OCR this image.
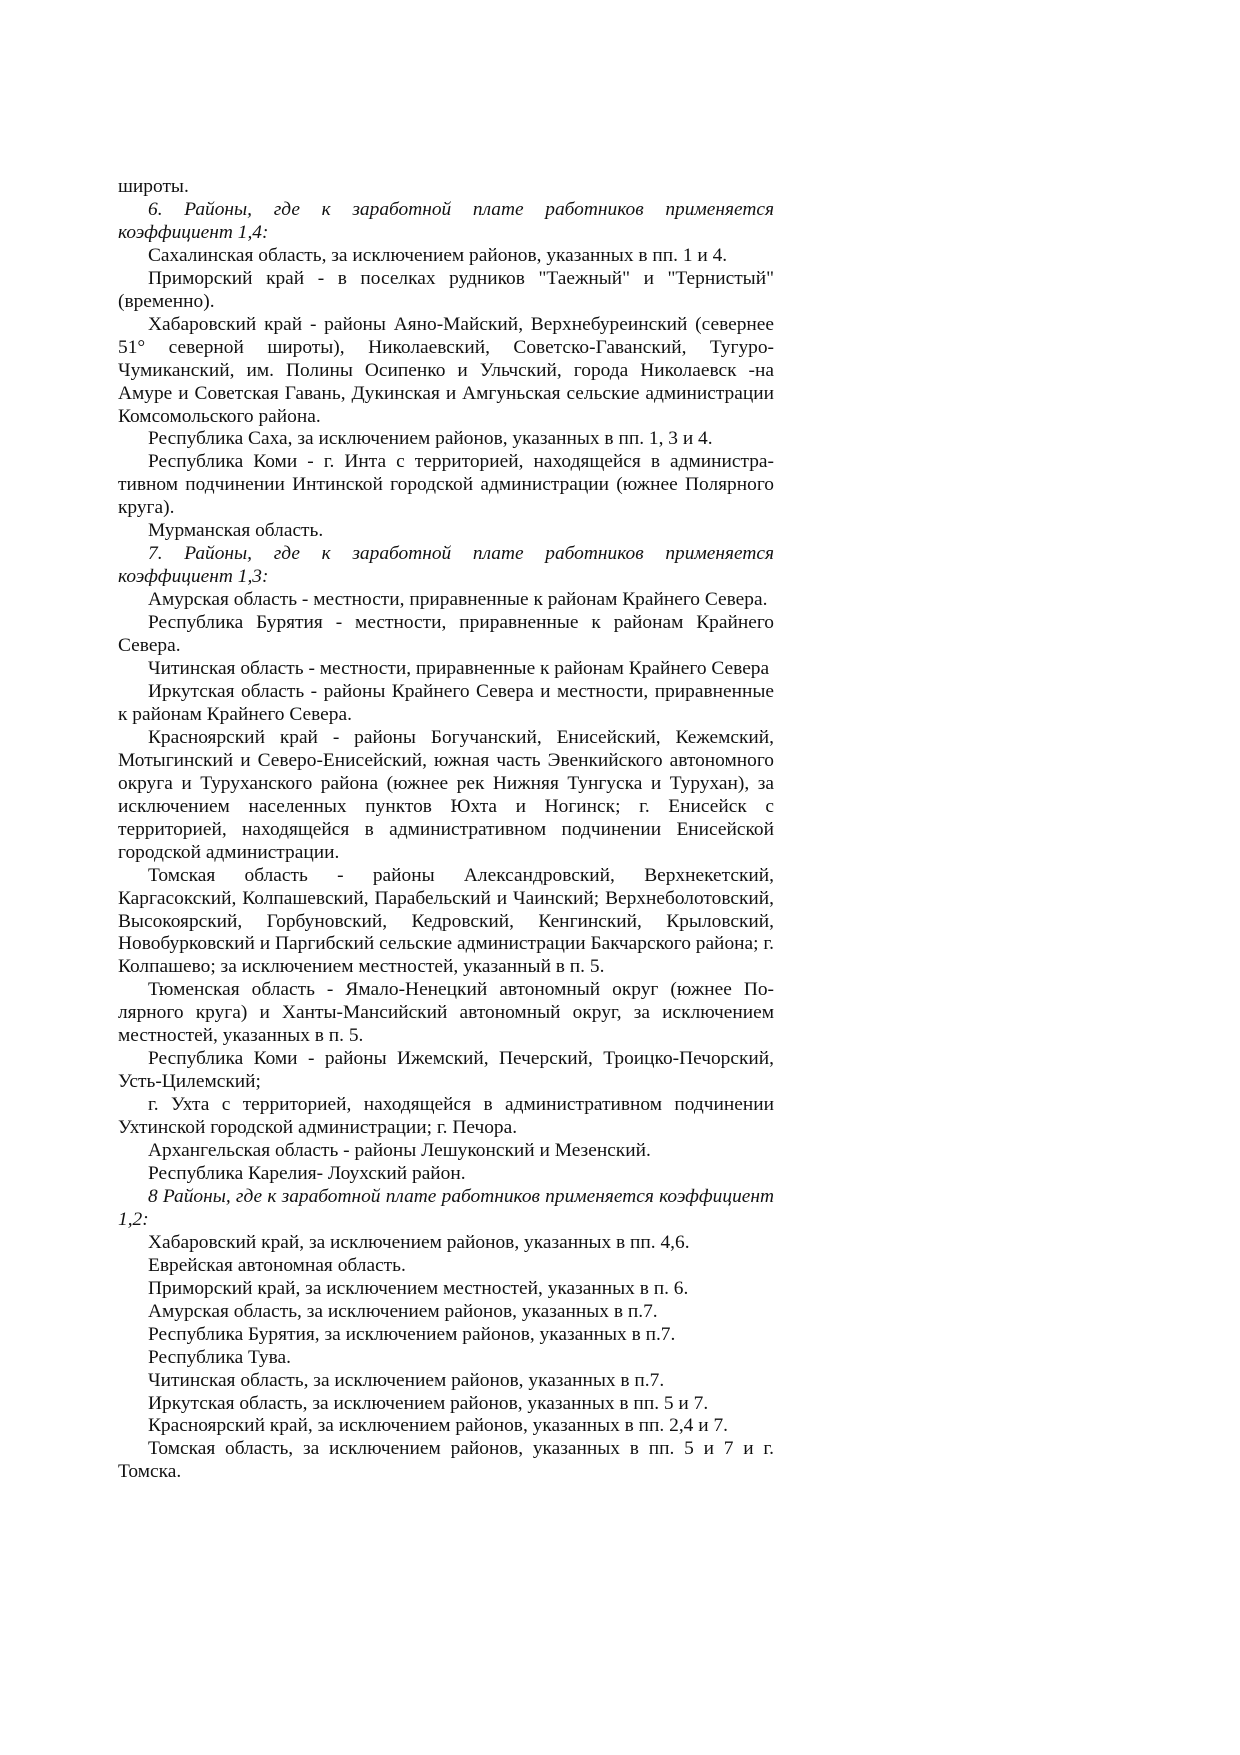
широты.

6. Районы, где к заработной плате работников применяется коэффициент 1,4:

Сахалинская область, за исключением районов, указанных в пп. 1 и 4.

Приморский край - в поселках рудников "Таежный" и "Тернистый" (временно).

Хабаровский край - районы Аяно-Майский, Верхнебуреинский (севернее 51° северной широты), Николаевский, Советско-Гаванский, Тугуро-Чумиканский, им. Полины Осипенко и Ульчский, города Николаевск -на Амуре и Советская Гавань, Дукинская и Амгуньская сельские администрации Комсомольского района.

Республика Саха, за исключением районов, указанных в пп. 1, 3 и 4.

Республика Коми - г. Инта с территорией, находящейся в администра-тивном подчинении Интинской городской администрации (южнее Полярного круга).

Мурманская область.

7. Районы, где к заработной плате работников применяется коэффициент 1,3:

Амурская область - местности, приравненные к районам Крайнего Севера.

Республика Бурятия - местности, приравненные к районам Крайнего Севера.

Читинская область - местности, приравненные к районам Крайнего Севера

Иркутская область - районы Крайнего Севера и местности, приравненные к районам Крайнего Севера.

Красноярский край - районы Богучанский, Енисейский, Кежемский, Мотыгинский и Северо-Енисейский, южная часть Эвенкийского автономного округа и Туруханского района (южнее рек Нижняя Тунгуска и Турухан), за исключением населенных пунктов Юхта и Ногинск; г. Енисейск с территорией, находящейся в административном подчинении Енисейской городской администрации.

Томская область - районы Александровский, Верхнекетский, Каргасокский, Колпашевский, Парабельский и Чаинский; Верхнеболотовский, Высокоярский, Горбуновский, Кедровский, Кенгинский, Крыловский, Новобурковский и Паргибский сельские администрации Бакчарского района; г. Колпашево; за исключением местностей, указанный в п. 5.

Тюменская область - Ямало-Ненецкий автономный округ (южнее По-лярного круга) и Ханты-Мансийский автономный округ, за исключением местностей, указанных в п. 5.

Республика Коми - районы Ижемский, Печерский, Троицко-Печорский, Усть-Цилемский;

г. Ухта с территорией, находящейся в административном подчинении Ухтинской городской администрации; г. Печора.

Архангельская область - районы Лешуконский и Мезенский.

Республика Карелия- Лоухский район.

8 Районы, где к заработной плате работников применяется коэффициент 1,2:

Хабаровский край, за исключением районов, указанных в пп. 4,6.

Еврейская автономная область.

Приморский край, за исключением местностей, указанных в п. 6.

Амурская область, за исключением районов, указанных в п.7.

Республика Бурятия, за исключением районов, указанных в п.7.

Республика Тува.

Читинская область, за исключением районов, указанных в п.7.

Иркутская область, за исключением районов, указанных в пп. 5 и 7.

Красноярский край, за исключением районов, указанных в пп. 2,4 и 7.

Томская область, за исключением районов, указанных в пп. 5 и 7 и г. Томска.
